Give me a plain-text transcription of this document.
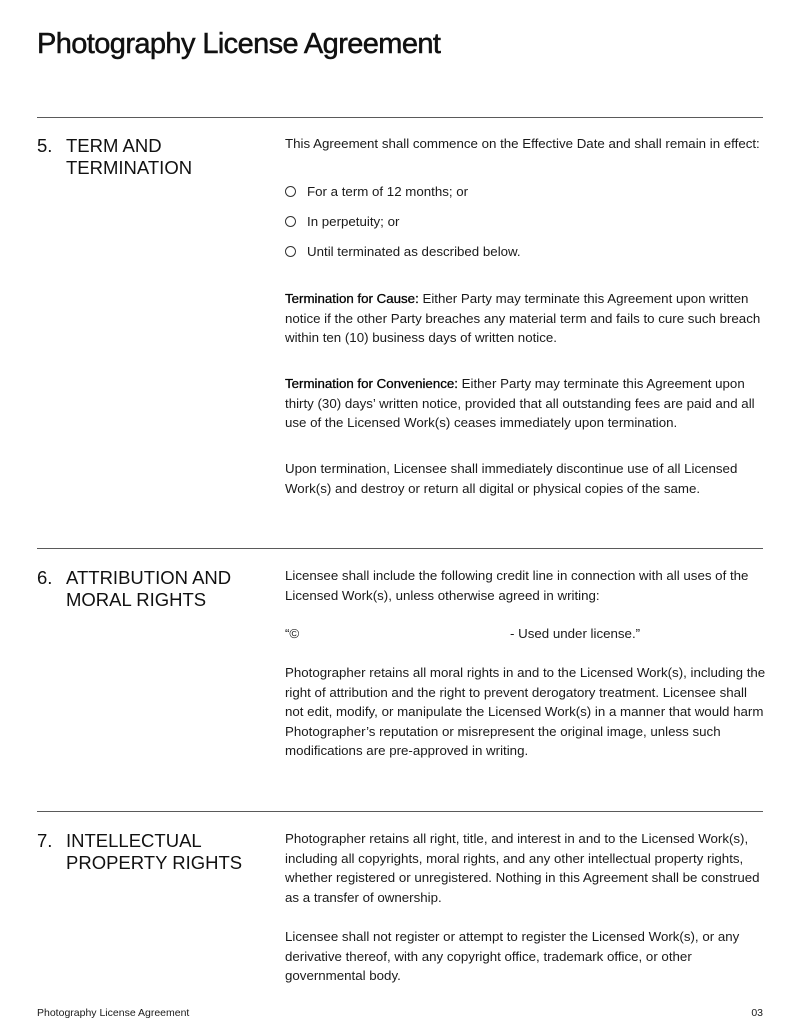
Photography License Agreement
5. TERM AND TERMINATION

This Agreement shall commence on the Effective Date and shall remain in effect:

For a term of 12 months; or
In perpetuity; or
Until terminated as described below.

Termination for Cause: Either Party may terminate this Agreement upon written notice if the other Party breaches any material term and fails to cure such breach within ten (10) business days of written notice.

Termination for Convenience: Either Party may terminate this Agreement upon thirty (30) days’ written notice, provided that all outstanding fees are paid and all use of the Licensed Work(s) ceases immediately upon termination.

Upon termination, Licensee shall immediately discontinue use of all Licensed Work(s) and destroy or return all digital or physical copies of the same.

6. ATTRIBUTION AND MORAL RIGHTS

Licensee shall include the following credit line in connection with all uses of the Licensed Work(s), unless otherwise agreed in writing:

“©	- Used under license.”

Photographer retains all moral rights in and to the Licensed Work(s), including the right of attribution and the right to prevent derogatory treatment. Licensee shall not edit, modify, or manipulate the Licensed Work(s) in a manner that would harm Photographer’s reputation or misrepresent the original image, unless such modifications are pre-approved in writing.

7. INTELLECTUAL PROPERTY RIGHTS

Photographer retains all right, title, and interest in and to the Licensed Work(s), including all copyrights, moral rights, and any other intellectual property rights, whether registered or unregistered. Nothing in this Agreement shall be construed as a transfer of ownership.

Licensee shall not register or attempt to register the Licensed Work(s), or any derivative thereof, with any copyright office, trademark office, or other governmental body.

Photography License Agreement	03
